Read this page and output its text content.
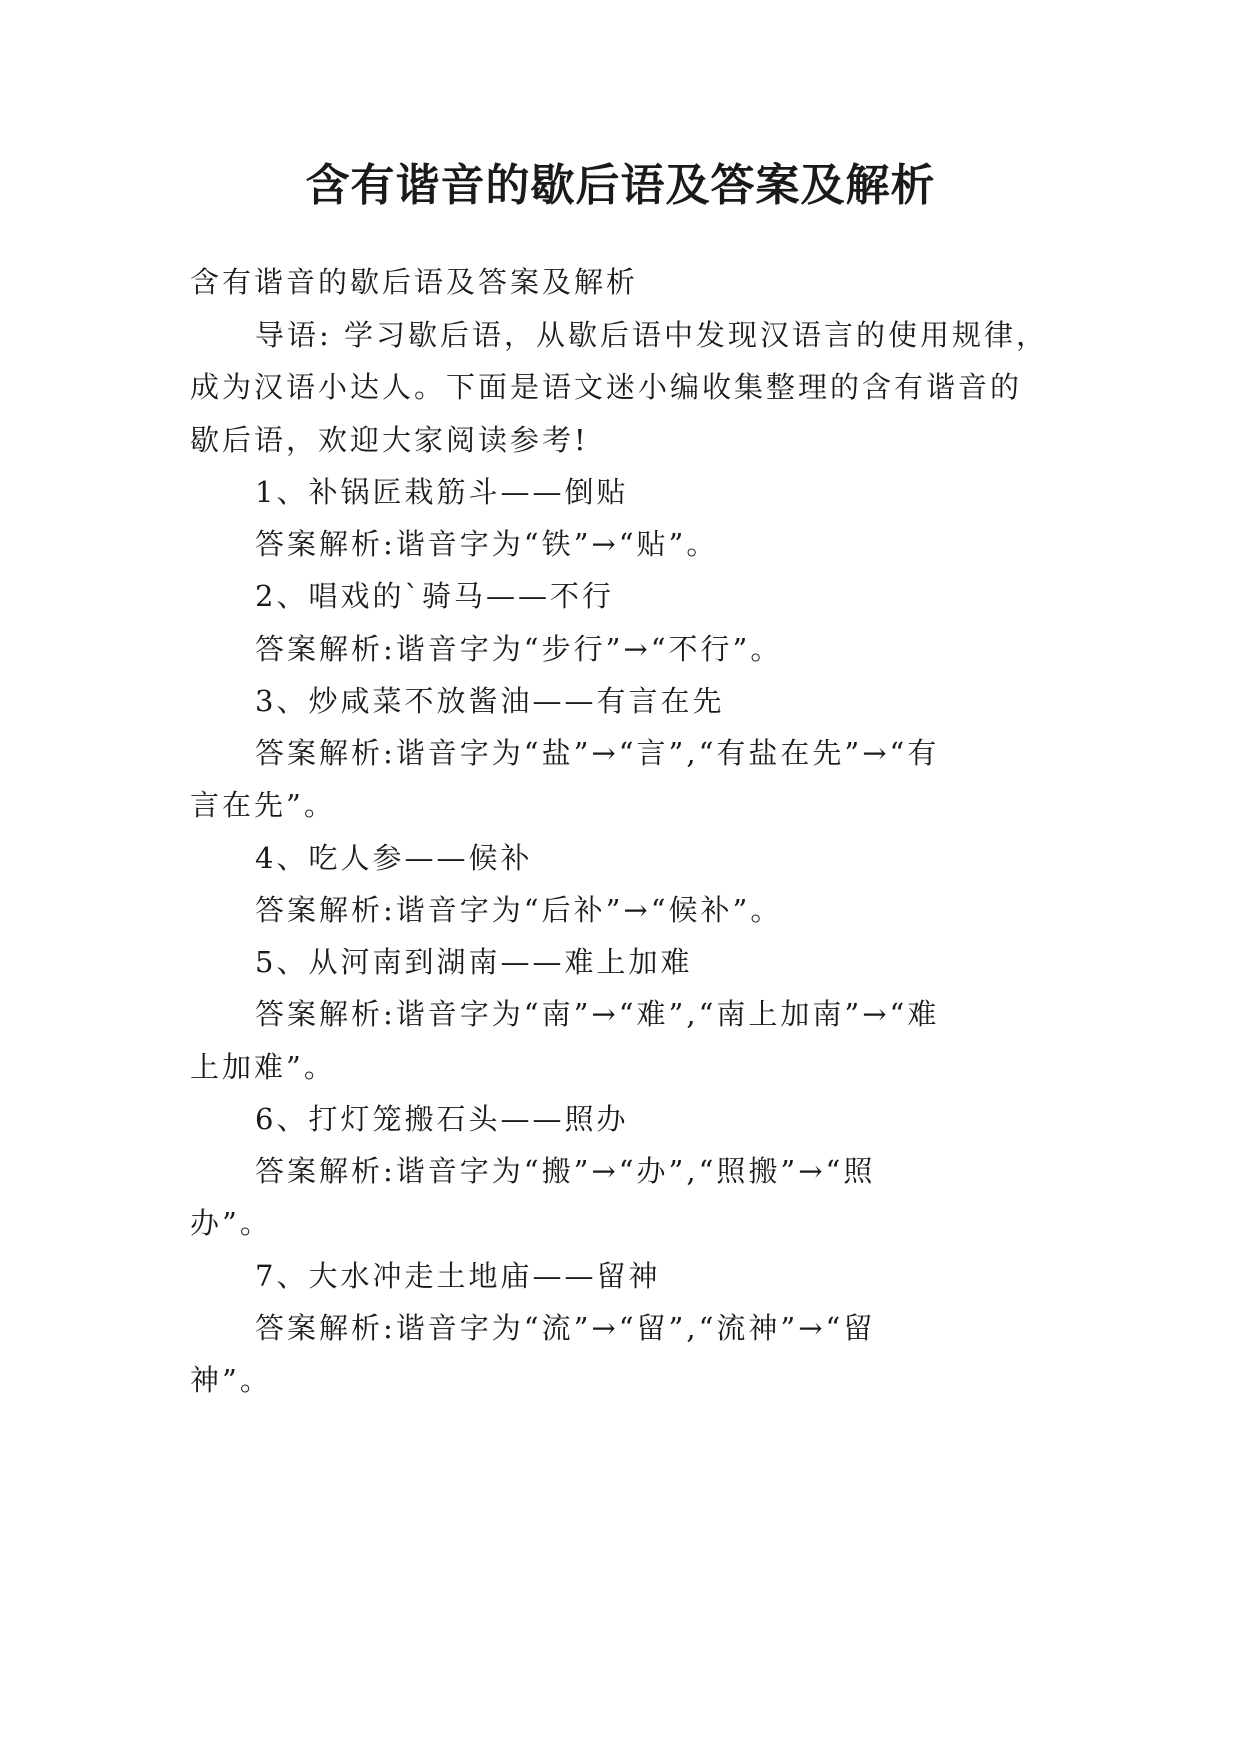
含有谐音的歇后语及答案及解析
含有谐音的歇后语及答案及解析
导语: 学习歇后语，从歇后语中发现汉语言的使用规律，
成为汉语小达人。下面是语文迷小编收集整理的含有谐音的
歇后语，欢迎大家阅读参考!
1、补锅匠栽筋斗——倒贴
答案解析:谐音字为“铁”→“贴”。
2、唱戏的`骑马——不行
答案解析:谐音字为“步行”→“不行”。
3、炒咸菜不放酱油——有言在先
答案解析:谐音字为“盐”→“言”,“有盐在先”→“有
言在先”。
4、吃人参——候补
答案解析:谐音字为“后补”→“候补”。
5、从河南到湖南——难上加难
答案解析:谐音字为“南”→“难”,“南上加南”→“难
上加难”。
6、打灯笼搬石头——照办
答案解析:谐音字为“搬”→“办”,“照搬”→“照
办”。
7、大水冲走土地庙——留神
答案解析:谐音字为“流”→“留”,“流神”→“留
神”。
